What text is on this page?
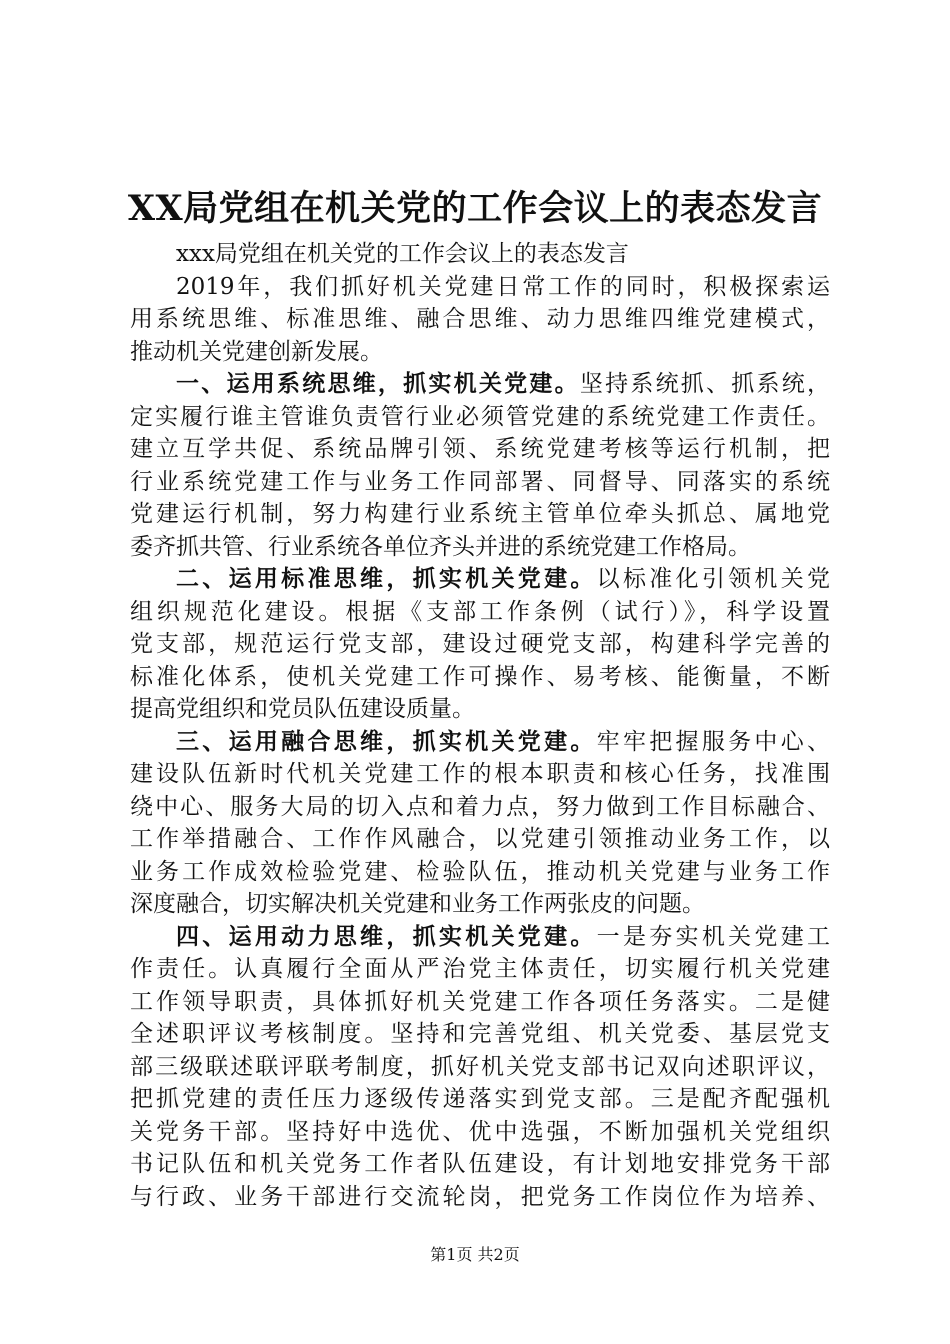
XX局党组在机关党的工作会议上的表态发言
xxx局党组在机关党的工作会议上的表态发言
2019年，我们抓好机关党建日常工作的同时，积极探索运
用系统思维、标准思维、融合思维、动力思维四维党建模式，
推动机关党建创新发展。
一、运用系统思维，抓实机关党建。坚持系统抓、抓系统，
定实履行谁主管谁负责管行业必须管党建的系统党建工作责任。
建立互学共促、系统品牌引领、系统党建考核等运行机制，把
行业系统党建工作与业务工作同部署、同督导、同落实的系统
党建运行机制，努力构建行业系统主管单位牵头抓总、属地党
委齐抓共管、行业系统各单位齐头并进的系统党建工作格局。
二、运用标准思维，抓实机关党建。以标准化引领机关党
组织规范化建设。根据《支部工作条例（试行）》，科学设置
党支部，规范运行党支部，建设过硬党支部，构建科学完善的
标准化体系，使机关党建工作可操作、易考核、能衡量，不断
提高党组织和党员队伍建设质量。
三、运用融合思维，抓实机关党建。牢牢把握服务中心、
建设队伍新时代机关党建工作的根本职责和核心任务，找准围
绕中心、服务大局的切入点和着力点，努力做到工作目标融合、
工作举措融合、工作作风融合，以党建引领推动业务工作，以
业务工作成效检验党建、检验队伍，推动机关党建与业务工作
深度融合，切实解决机关党建和业务工作两张皮的问题。
四、运用动力思维，抓实机关党建。一是夯实机关党建工
作责任。认真履行全面从严治党主体责任，切实履行机关党建
工作领导职责，具体抓好机关党建工作各项任务落实。二是健
全述职评议考核制度。坚持和完善党组、机关党委、基层党支
部三级联述联评联考制度，抓好机关党支部书记双向述职评议，
把抓党建的责任压力逐级传递落实到党支部。三是配齐配强机
关党务干部。坚持好中选优、优中选强，不断加强机关党组织
书记队伍和机关党务工作者队伍建设，有计划地安排党务干部
与行政、业务干部进行交流轮岗，把党务工作岗位作为培养、
第1页 共2页
